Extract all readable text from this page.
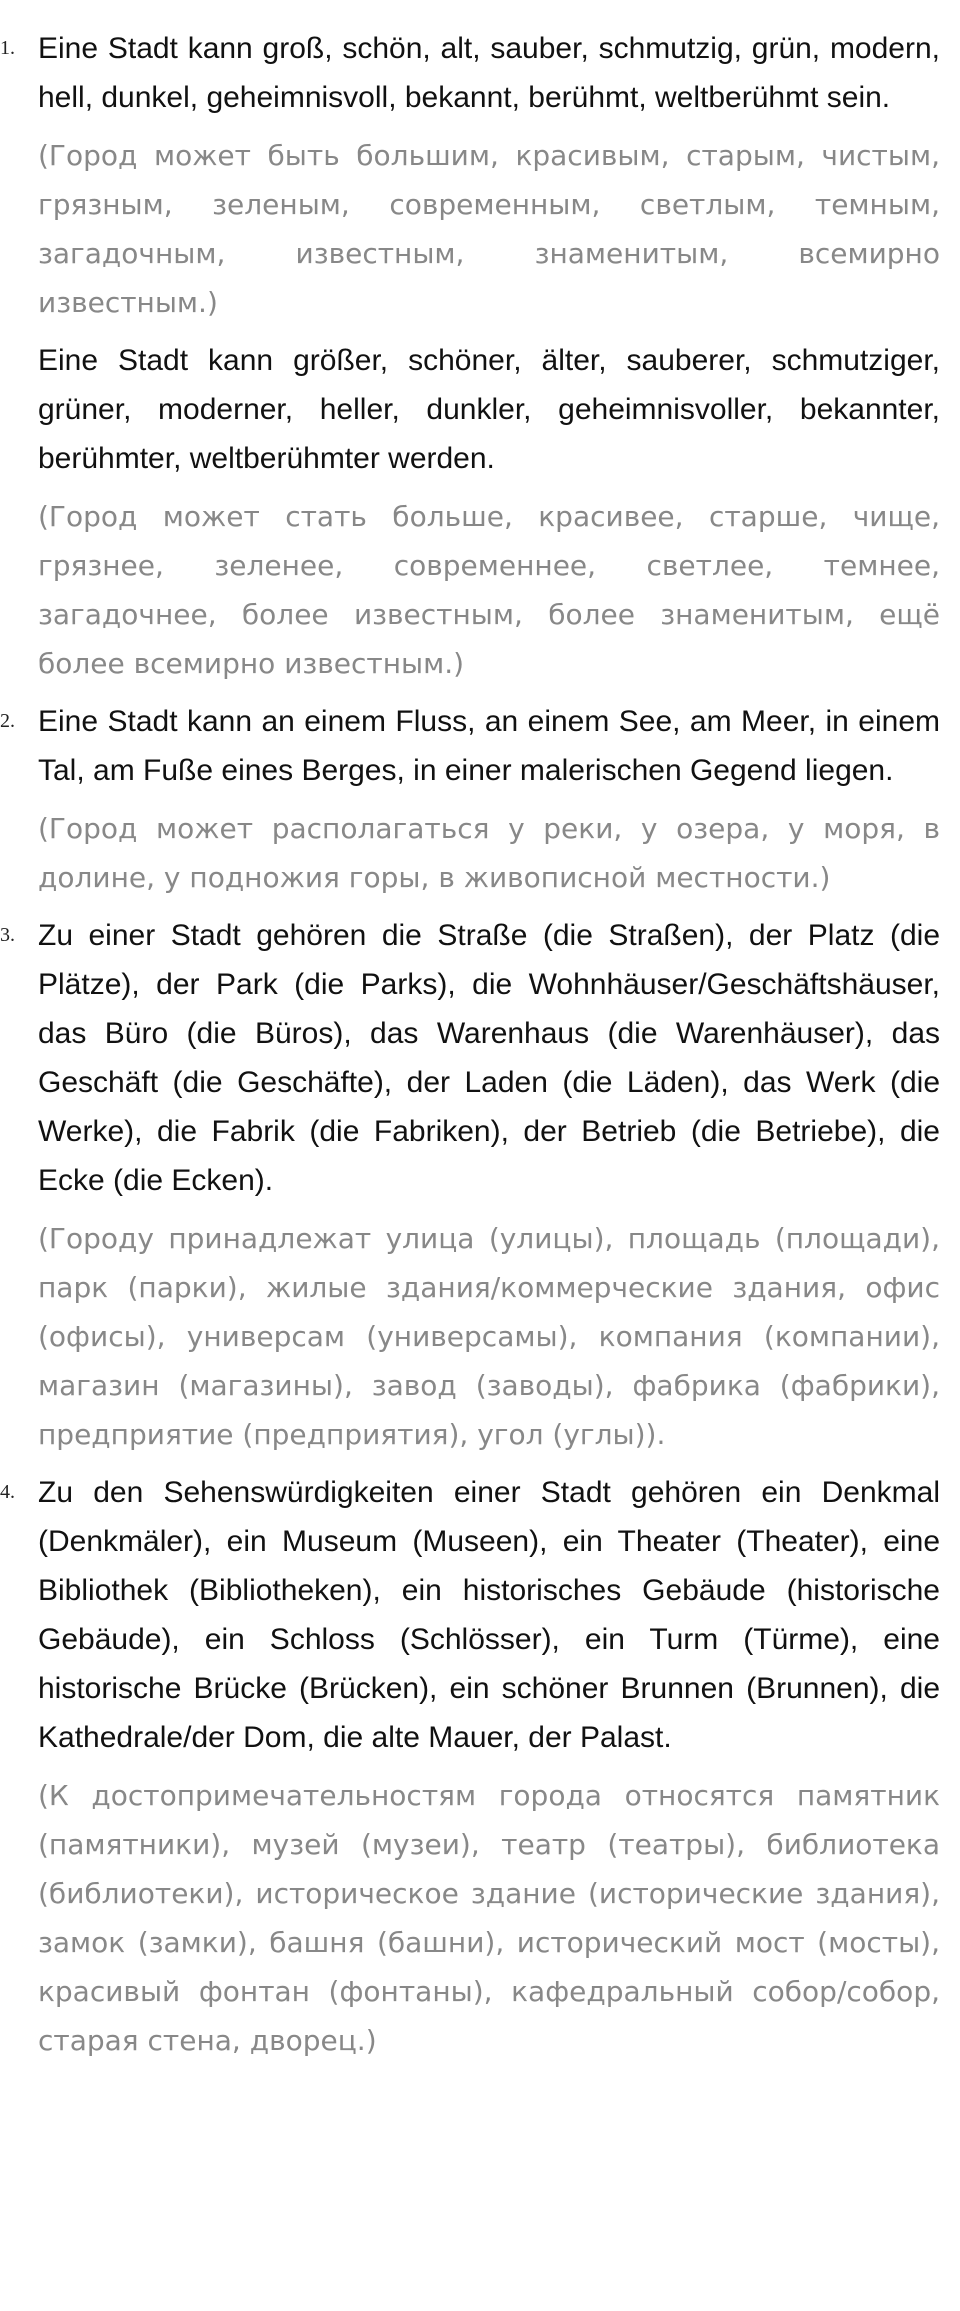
1. Eine Stadt kann groß, schön, alt, sauber, schmutzig, grün, modern, hell, dunkel, geheimnisvoll, bekannt, berühmt, weltberühmt sein.

(Город может быть большим, красивым, старым, чистым, грязным, зеленым, современным, светлым, темным, загадочным, известным, знаменитым, всемирно известным.)

Eine Stadt kann größer, schöner, älter, sauberer, schmutziger, grüner, moderner, heller, dunkler, geheimnisvoller, bekannter, berühmter, weltberühmter werden.

(Город может стать больше, красивее, старше, чище, грязнее, зеленее, современнее, светлее, темнее, загадочнее, более известным, более знаменитым, ещё более всемирно известным.)

2. Eine Stadt kann an einem Fluss, an einem See, am Meer, in einem Tal, am Fuße eines Berges, in einer malerischen Gegend liegen.

(Город может располагаться у реки, у озера, у моря, в долине, у подножия горы, в живописной местности.)

3. Zu einer Stadt gehören die Straße (die Straßen), der Platz (die Plätze), der Park (die Parks), die Wohnhäuser/Geschäftshäuser, das Büro (die Büros), das Warenhaus (die Warenhäuser), das Geschäft (die Geschäfte), der Laden (die Läden), das Werk (die Werke), die Fabrik (die Fabriken), der Betrieb (die Betriebe), die Ecke (die Ecken).

(Городу принадлежат улица (улицы), площадь (площади), парк (парки), жилые здания/коммерческие здания, офис (офисы), универсам (универсамы), компания (компании), магазин (магазины), завод (заводы), фабрика (фабрики), предприятие (предприятия), угол (углы)).

4. Zu den Sehenswürdigkeiten einer Stadt gehören ein Denkmal (Denkmäler), ein Museum (Museen), ein Theater (Theater), eine Bibliothek (Bibliotheken), ein historisches Gebäude (historische Gebäude), ein Schloss (Schlösser), ein Turm (Türme), eine historische Brücke (Brücken), ein schöner Brunnen (Brunnen), die Kathedrale/der Dom, die alte Mauer, der Palast.

(К достопримечательностям города относятся памятник (памятники), музей (музеи), театр (театры), библиотека (библиотеки), историческое здание (исторические здания), замок (замки), башня (башни), исторический мост (мосты), красивый фонтан (фонтаны), кафедральный собор/собор, старая стена, дворец.)
